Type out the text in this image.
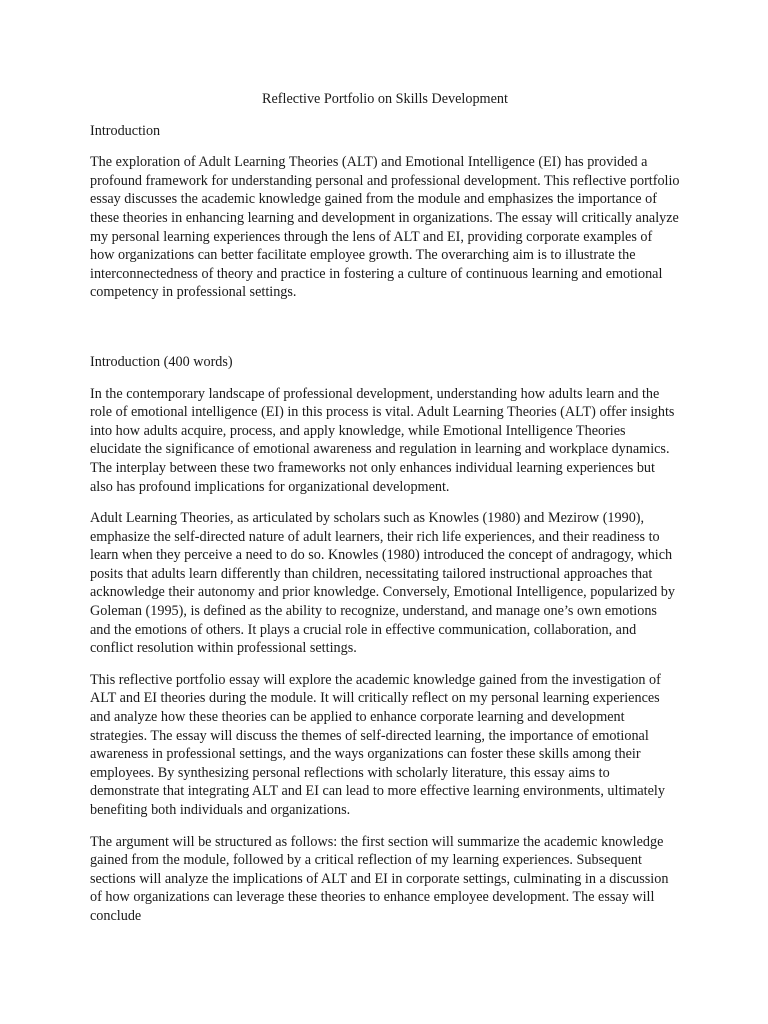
Reflective Portfolio on Skills Development

Introduction

The exploration of Adult Learning Theories (ALT) and Emotional Intelligence (EI) has provided a profound framework for understanding personal and professional development. This reflective portfolio essay discusses the academic knowledge gained from the module and emphasizes the importance of these theories in enhancing learning and development in organizations. The essay will critically analyze my personal learning experiences through the lens of ALT and EI, providing corporate examples of how organizations can better facilitate employee growth. The overarching aim is to illustrate the interconnectedness of theory and practice in fostering a culture of continuous learning and emotional competency in professional settings.

Introduction (400 words)

In the contemporary landscape of professional development, understanding how adults learn and the role of emotional intelligence (EI) in this process is vital. Adult Learning Theories (ALT) offer insights into how adults acquire, process, and apply knowledge, while Emotional Intelligence Theories elucidate the significance of emotional awareness and regulation in learning and workplace dynamics. The interplay between these two frameworks not only enhances individual learning experiences but also has profound implications for organizational development.

Adult Learning Theories, as articulated by scholars such as Knowles (1980) and Mezirow (1990), emphasize the self-directed nature of adult learners, their rich life experiences, and their readiness to learn when they perceive a need to do so. Knowles (1980) introduced the concept of andragogy, which posits that adults learn differently than children, necessitating tailored instructional approaches that acknowledge their autonomy and prior knowledge. Conversely, Emotional Intelligence, popularized by Goleman (1995), is defined as the ability to recognize, understand, and manage one’s own emotions and the emotions of others. It plays a crucial role in effective communication, collaboration, and conflict resolution within professional settings.

This reflective portfolio essay will explore the academic knowledge gained from the investigation of ALT and EI theories during the module. It will critically reflect on my personal learning experiences and analyze how these theories can be applied to enhance corporate learning and development strategies. The essay will discuss the themes of self-directed learning, the importance of emotional awareness in professional settings, and the ways organizations can foster these skills among their employees. By synthesizing personal reflections with scholarly literature, this essay aims to demonstrate that integrating ALT and EI can lead to more effective learning environments, ultimately benefiting both individuals and organizations.

The argument will be structured as follows: the first section will summarize the academic knowledge gained from the module, followed by a critical reflection of my learning experiences. Subsequent sections will analyze the implications of ALT and EI in corporate settings, culminating in a discussion of how organizations can leverage these theories to enhance employee development. The essay will conclude
